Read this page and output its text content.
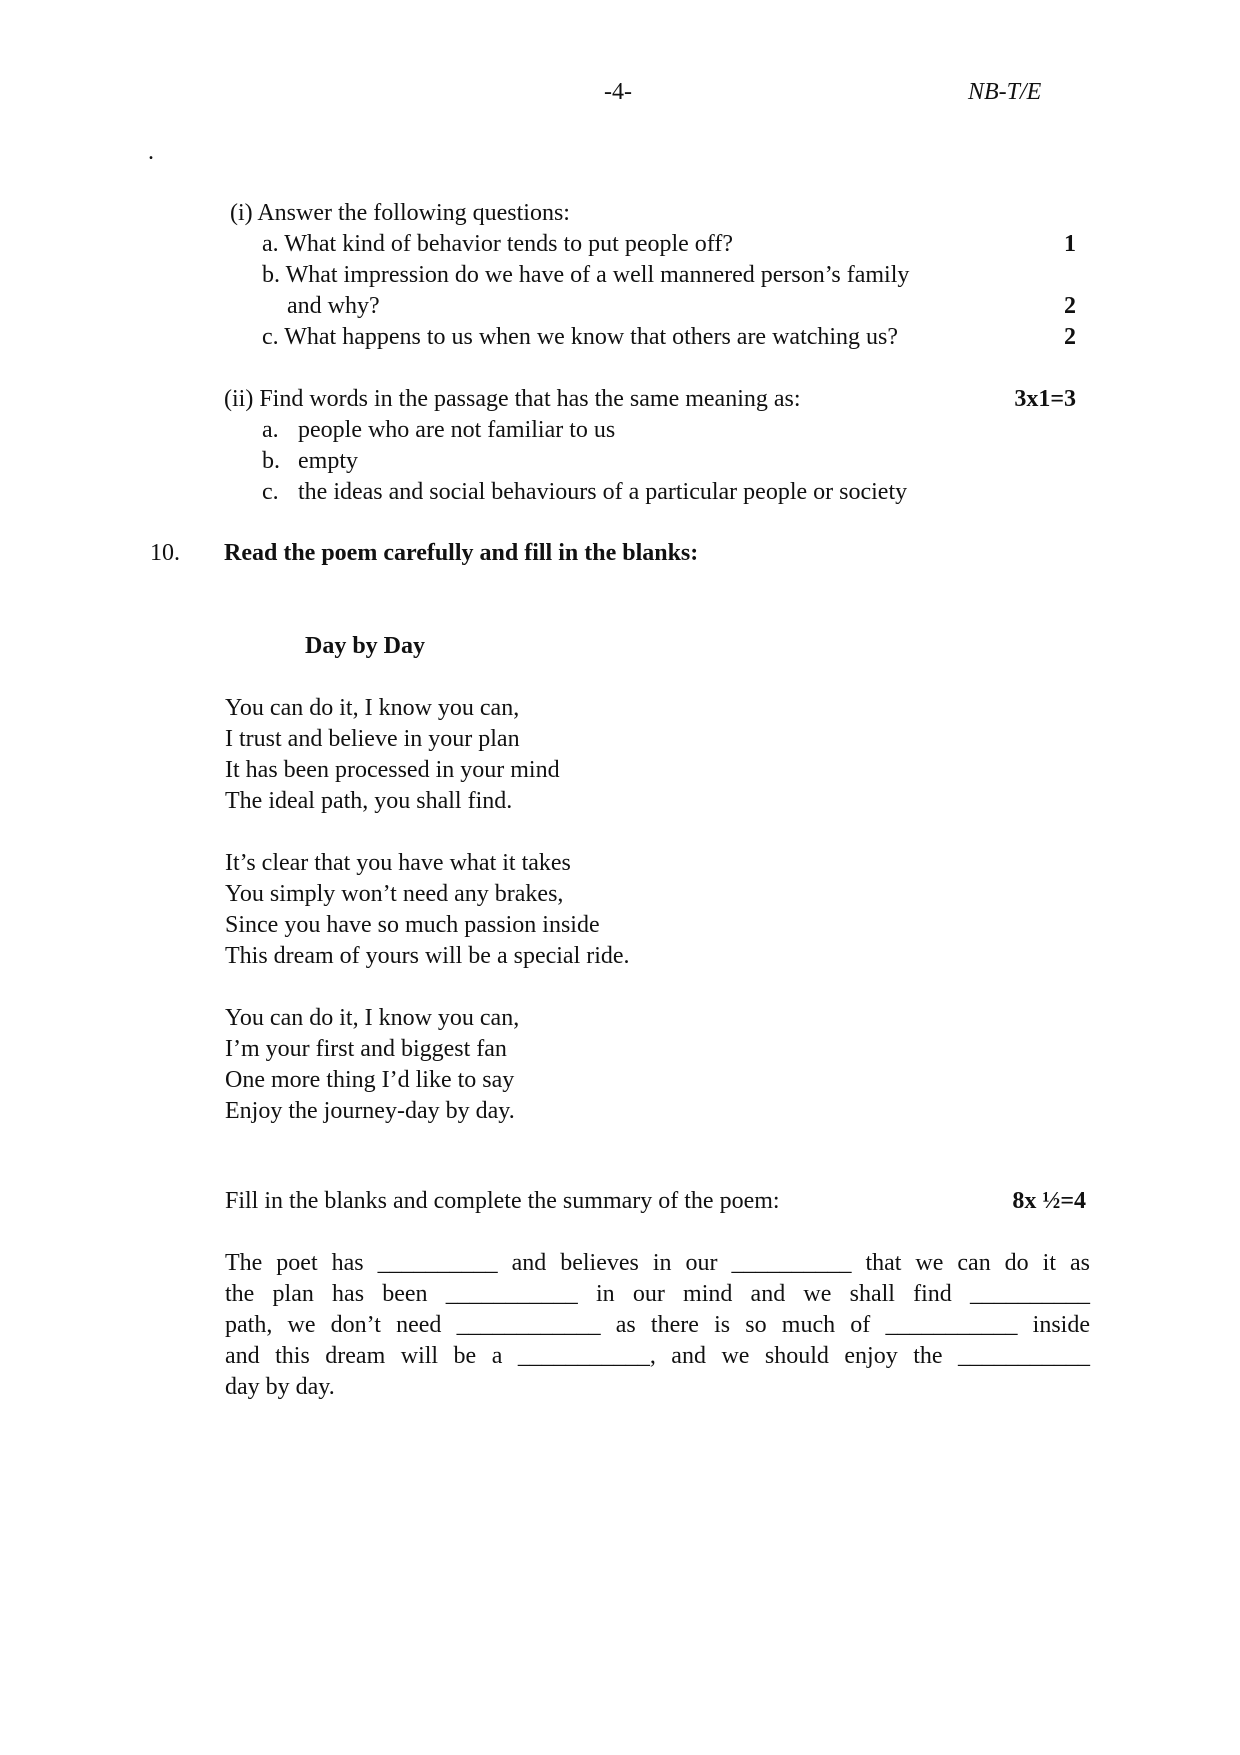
-4-	NB-T/E
.
(i) Answer the following questions:
a. What kind of behavior tends to put people off?	1
b. What impression do we have of a well mannered person’s family
and why?	2
c. What happens to us when we know that others are watching us?	2
(ii) Find words in the passage that has the same meaning as:	3x1=3
a. people who are not familiar to us
b. empty
c. the ideas and social behaviours of a particular people or society
10. Read the poem carefully and fill in the blanks:
Day by Day
You can do it, I know you can,
I trust and believe in your plan
It has been processed in your mind
The ideal path, you shall find.
It’s clear that you have what it takes
You simply won’t need any brakes,
Since you have so much passion inside
This dream of yours will be a special ride.
You can do it, I know you can,
I’m your first and biggest fan
One more thing I’d like to say
Enjoy the journey-day by day.
Fill in the blanks and complete the summary of the poem:	8x ½=4
The poet has __________ and believes in our __________ that we can do it as
the plan has been ___________ in our mind and we shall find __________
path, we don’t need ____________ as there is so much of ___________ inside
and this dream will be a ___________, and we should enjoy the ___________
day by day.
